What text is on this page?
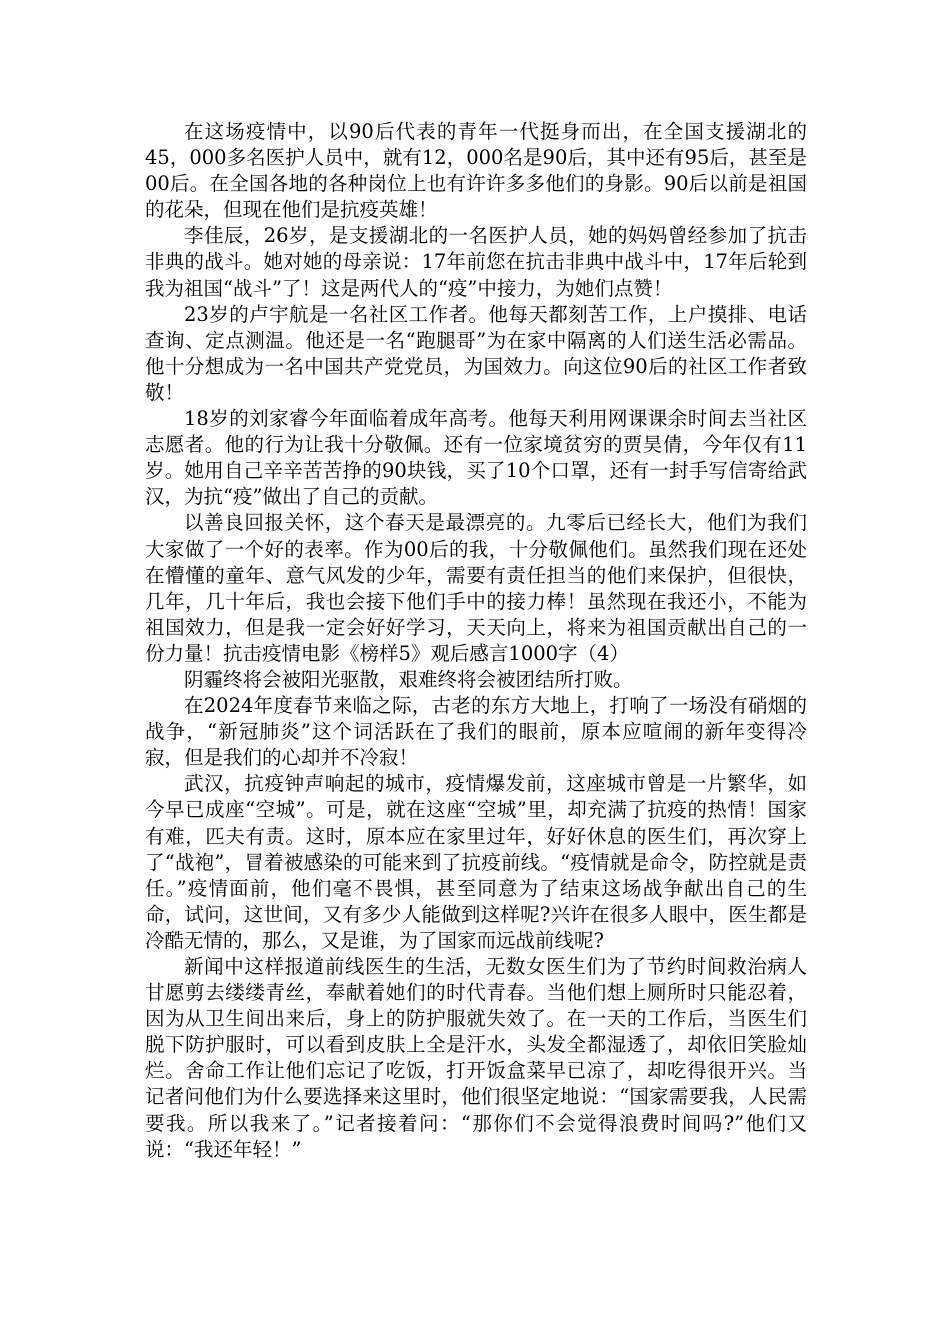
在这场疫情中，以90后代表的青年一代挺身而出，在全国支援湖北的45，000多名医护人员中，就有12，000名是90后，其中还有95后，甚至是00后。在全国各地的各种岗位上也有许许多多他们的身影。90后以前是祖国的花朵，但现在他们是抗疫英雄！

李佳辰，26岁，是支援湖北的一名医护人员，她的妈妈曾经参加了抗击非典的战斗。她对她的母亲说：17年前您在抗击非典中战斗中，17年后轮到我为祖国“战斗”了！这是两代人的“疫”中接力，为她们点赞！

23岁的卢宇航是一名社区工作者。他每天都刻苦工作，上户摸排、电话查询、定点测温。他还是一名“跑腿哥”为在家中隔离的人们送生活必需品。他十分想成为一名中国共产党党员，为国效力。向这位90后的社区工作者致敬！

18岁的刘家睿今年面临着成年高考。他每天利用网课课余时间去当社区志愿者。他的行为让我十分敬佩。还有一位家境贫穷的贾昊倩，今年仅有11岁。她用自己辛辛苦苦挣的90块钱，买了10个口罩，还有一封手写信寄给武汉，为抗“疫”做出了自己的贡献。

以善良回报关怀，这个春天是最漂亮的。九零后已经长大，他们为我们大家做了一个好的表率。作为00后的我，十分敬佩他们。虽然我们现在还处在懵懂的童年、意气风发的少年，需要有责任担当的他们来保护，但很快，几年，几十年后，我也会接下他们手中的接力棒！虽然现在我还小，不能为祖国效力，但是我一定会好好学习，天天向上，将来为祖国贡献出自己的一份力量！抗击疫情电影《榜样5》观后感言1000字（4）

阴霾终将会被阳光驱散，艰难终将会被团结所打败。

在2024年度春节来临之际，古老的东方大地上，打响了一场没有硝烟的战争，“新冠肺炎”这个词活跃在了我们的眼前，原本应喧闹的新年变得冷寂，但是我们的心却并不冷寂！

武汉，抗疫钟声响起的城市，疫情爆发前，这座城市曾是一片繁华，如今早已成座“空城”。可是，就在这座“空城”里，却充满了抗疫的热情！国家有难，匹夫有责。这时，原本应在家里过年，好好休息的医生们，再次穿上了“战袍”，冒着被感染的可能来到了抗疫前线。“疫情就是命令，防控就是责任。”疫情面前，他们毫不畏惧，甚至同意为了结束这场战争献出自己的生命，试问，这世间，又有多少人能做到这样呢?兴许在很多人眼中，医生都是冷酷无情的，那么，又是谁，为了国家而远战前线呢?

新闻中这样报道前线医生的生活，无数女医生们为了节约时间救治病人甘愿剪去缕缕青丝，奉献着她们的时代青春。当他们想上厕所时只能忍着，因为从卫生间出来后，身上的防护服就失效了。在一天的工作后，当医生们脱下防护服时，可以看到皮肤上全是汗水，头发全都湿透了，却依旧笑脸灿烂。舍命工作让他们忘记了吃饭，打开饭盒菜早已凉了，却吃得很开兴。当记者问他们为什么要选择来这里时，他们很坚定地说：“国家需要我，人民需要我。所以我来了。”记者接着问：“那你们不会觉得浪费时间吗?”他们又说：“我还年轻！”
